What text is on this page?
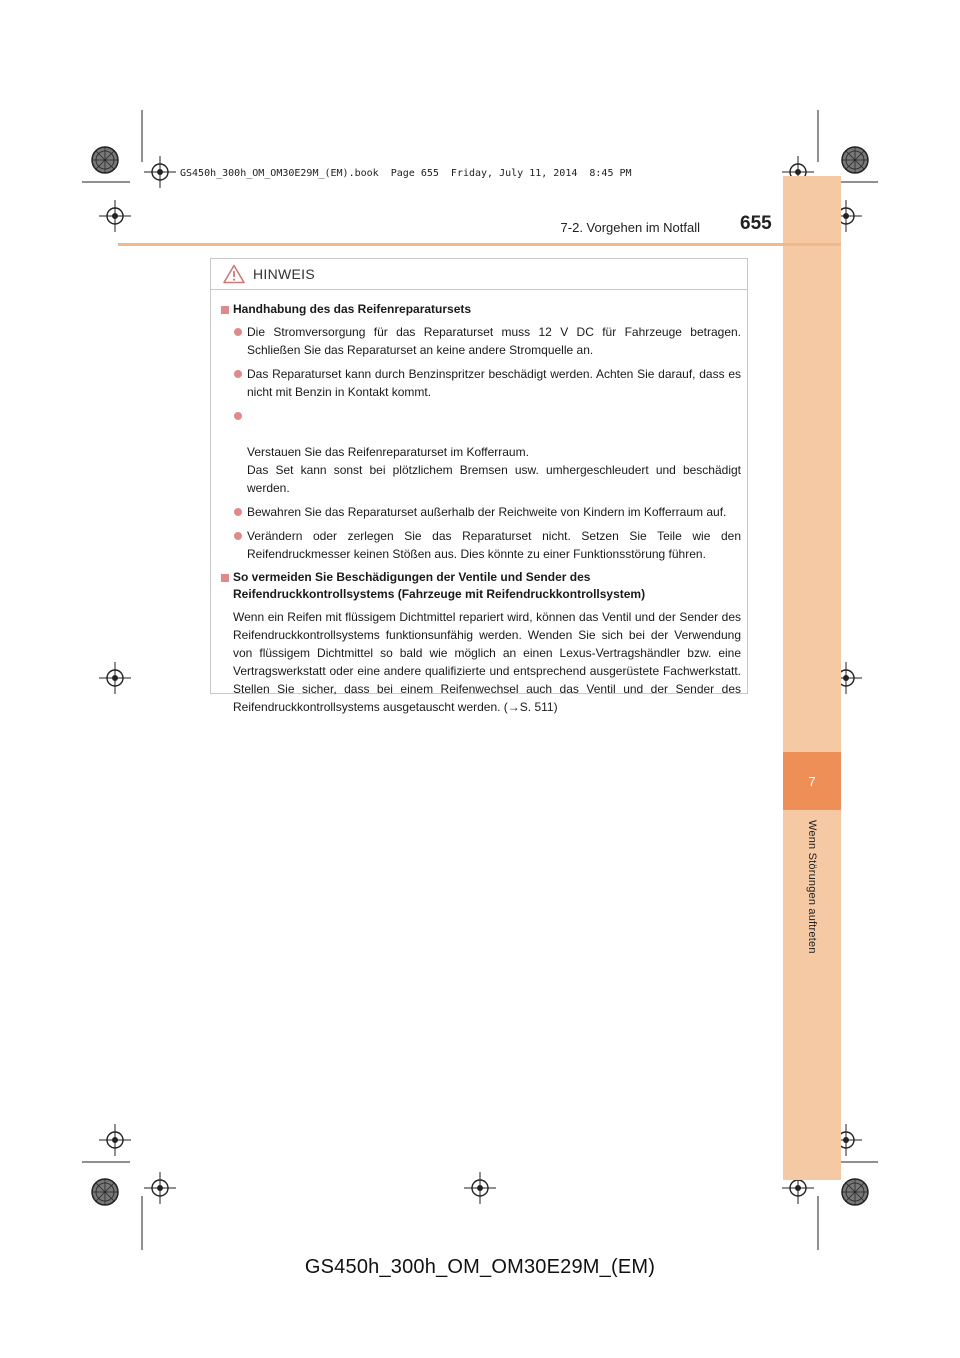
GS450h_300h_OM_OM30E29M_(EM).book  Page 655  Friday, July 11, 2014  8:45 PM
7
Wenn Störungen auftreten
7-2. Vorgehen im Notfall 655
HINWEIS
Handhabung des das Reifenreparatursets
Die Stromversorgung für das Reparaturset muss 12 V DC für Fahrzeuge betragen. Schließen Sie das Reparaturset an keine andere Stromquelle an.
Das Reparaturset kann durch Benzinspritzer beschädigt werden. Achten Sie darauf, dass es nicht mit Benzin in Kontakt kommt.

Verstauen Sie das Reifenreparaturset im Kofferraum.
Das Set kann sonst bei plötzlichem Bremsen usw. umhergeschleudert und beschädigt werden.

Bewahren Sie das Reparaturset außerhalb der Reichweite von Kindern im Kofferraum auf.
Verändern oder zerlegen Sie das Reparaturset nicht. Setzen Sie Teile wie den Reifendruckmesser keinen Stößen aus. Dies könnte zu einer Funktionsstörung führen.
So vermeiden Sie Beschädigungen der Ventile und Sender des Reifendruckkontrollsystems (Fahrzeuge mit Reifendruckkontrollsystem)
Wenn ein Reifen mit flüssigem Dichtmittel repariert wird, können das Ventil und der Sender des Reifendruckkontrollsystems funktionsunfähig werden. Wenden Sie sich bei der Verwendung von flüssigem Dichtmittel so bald wie möglich an einen Lexus-Vertragshändler bzw. eine Vertragswerkstatt oder eine andere qualifizierte und entsprechend ausgerüstete Fachwerkstatt. Stellen Sie sicher, dass bei einem Reifenwechsel auch das Ventil und der Sender des Reifendruckkontrollsystems ausgetauscht werden. (→S. 511)
GS450h_300h_OM_OM30E29M_(EM)
